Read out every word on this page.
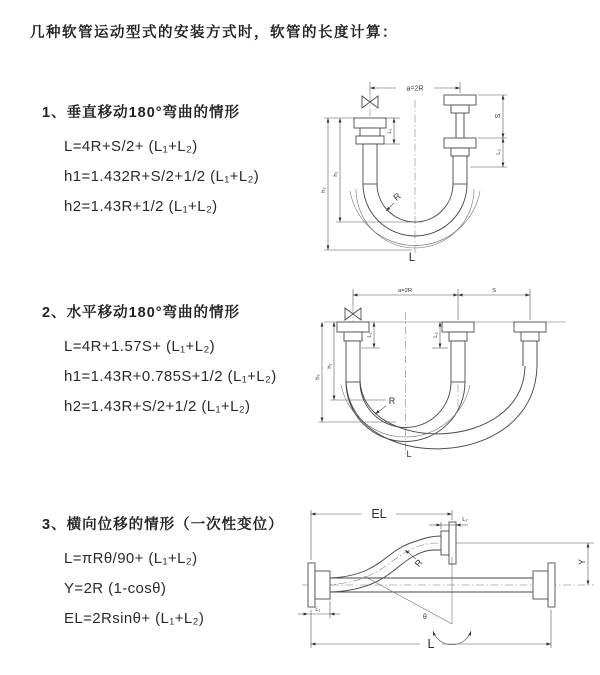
几种软管运动型式的安装方式时，软管的长度计算：
1、垂直移动180°弯曲的情形
L=4R+S/2+ (L₁+L₂)
h1=1.432R+S/2+1/2 (L₁+L₂)
h2=1.43R+1/2 (L₁+L₂)
a=2R
L₁
S
L₂
h₂
h₁
R
L
2、水平移动180°弯曲的情形
L=4R+1.57S+ (L₁+L₂)
h1=1.43R+0.785S+1/2 (L₁+L₂)
h2=1.43R+S/2+1/2 (L₁+L₂)
a=2R	S
L₁	L₂
h₂
h₁
R
L
3、横向位移的情形（一次性变位）
L=πRθ/90+ (L₁+L₂)
Y=2R (1-cosθ)
EL=2Rsinθ+ (L₁+L₂)
EL	L₂
Y
θ
R
L₁
L
